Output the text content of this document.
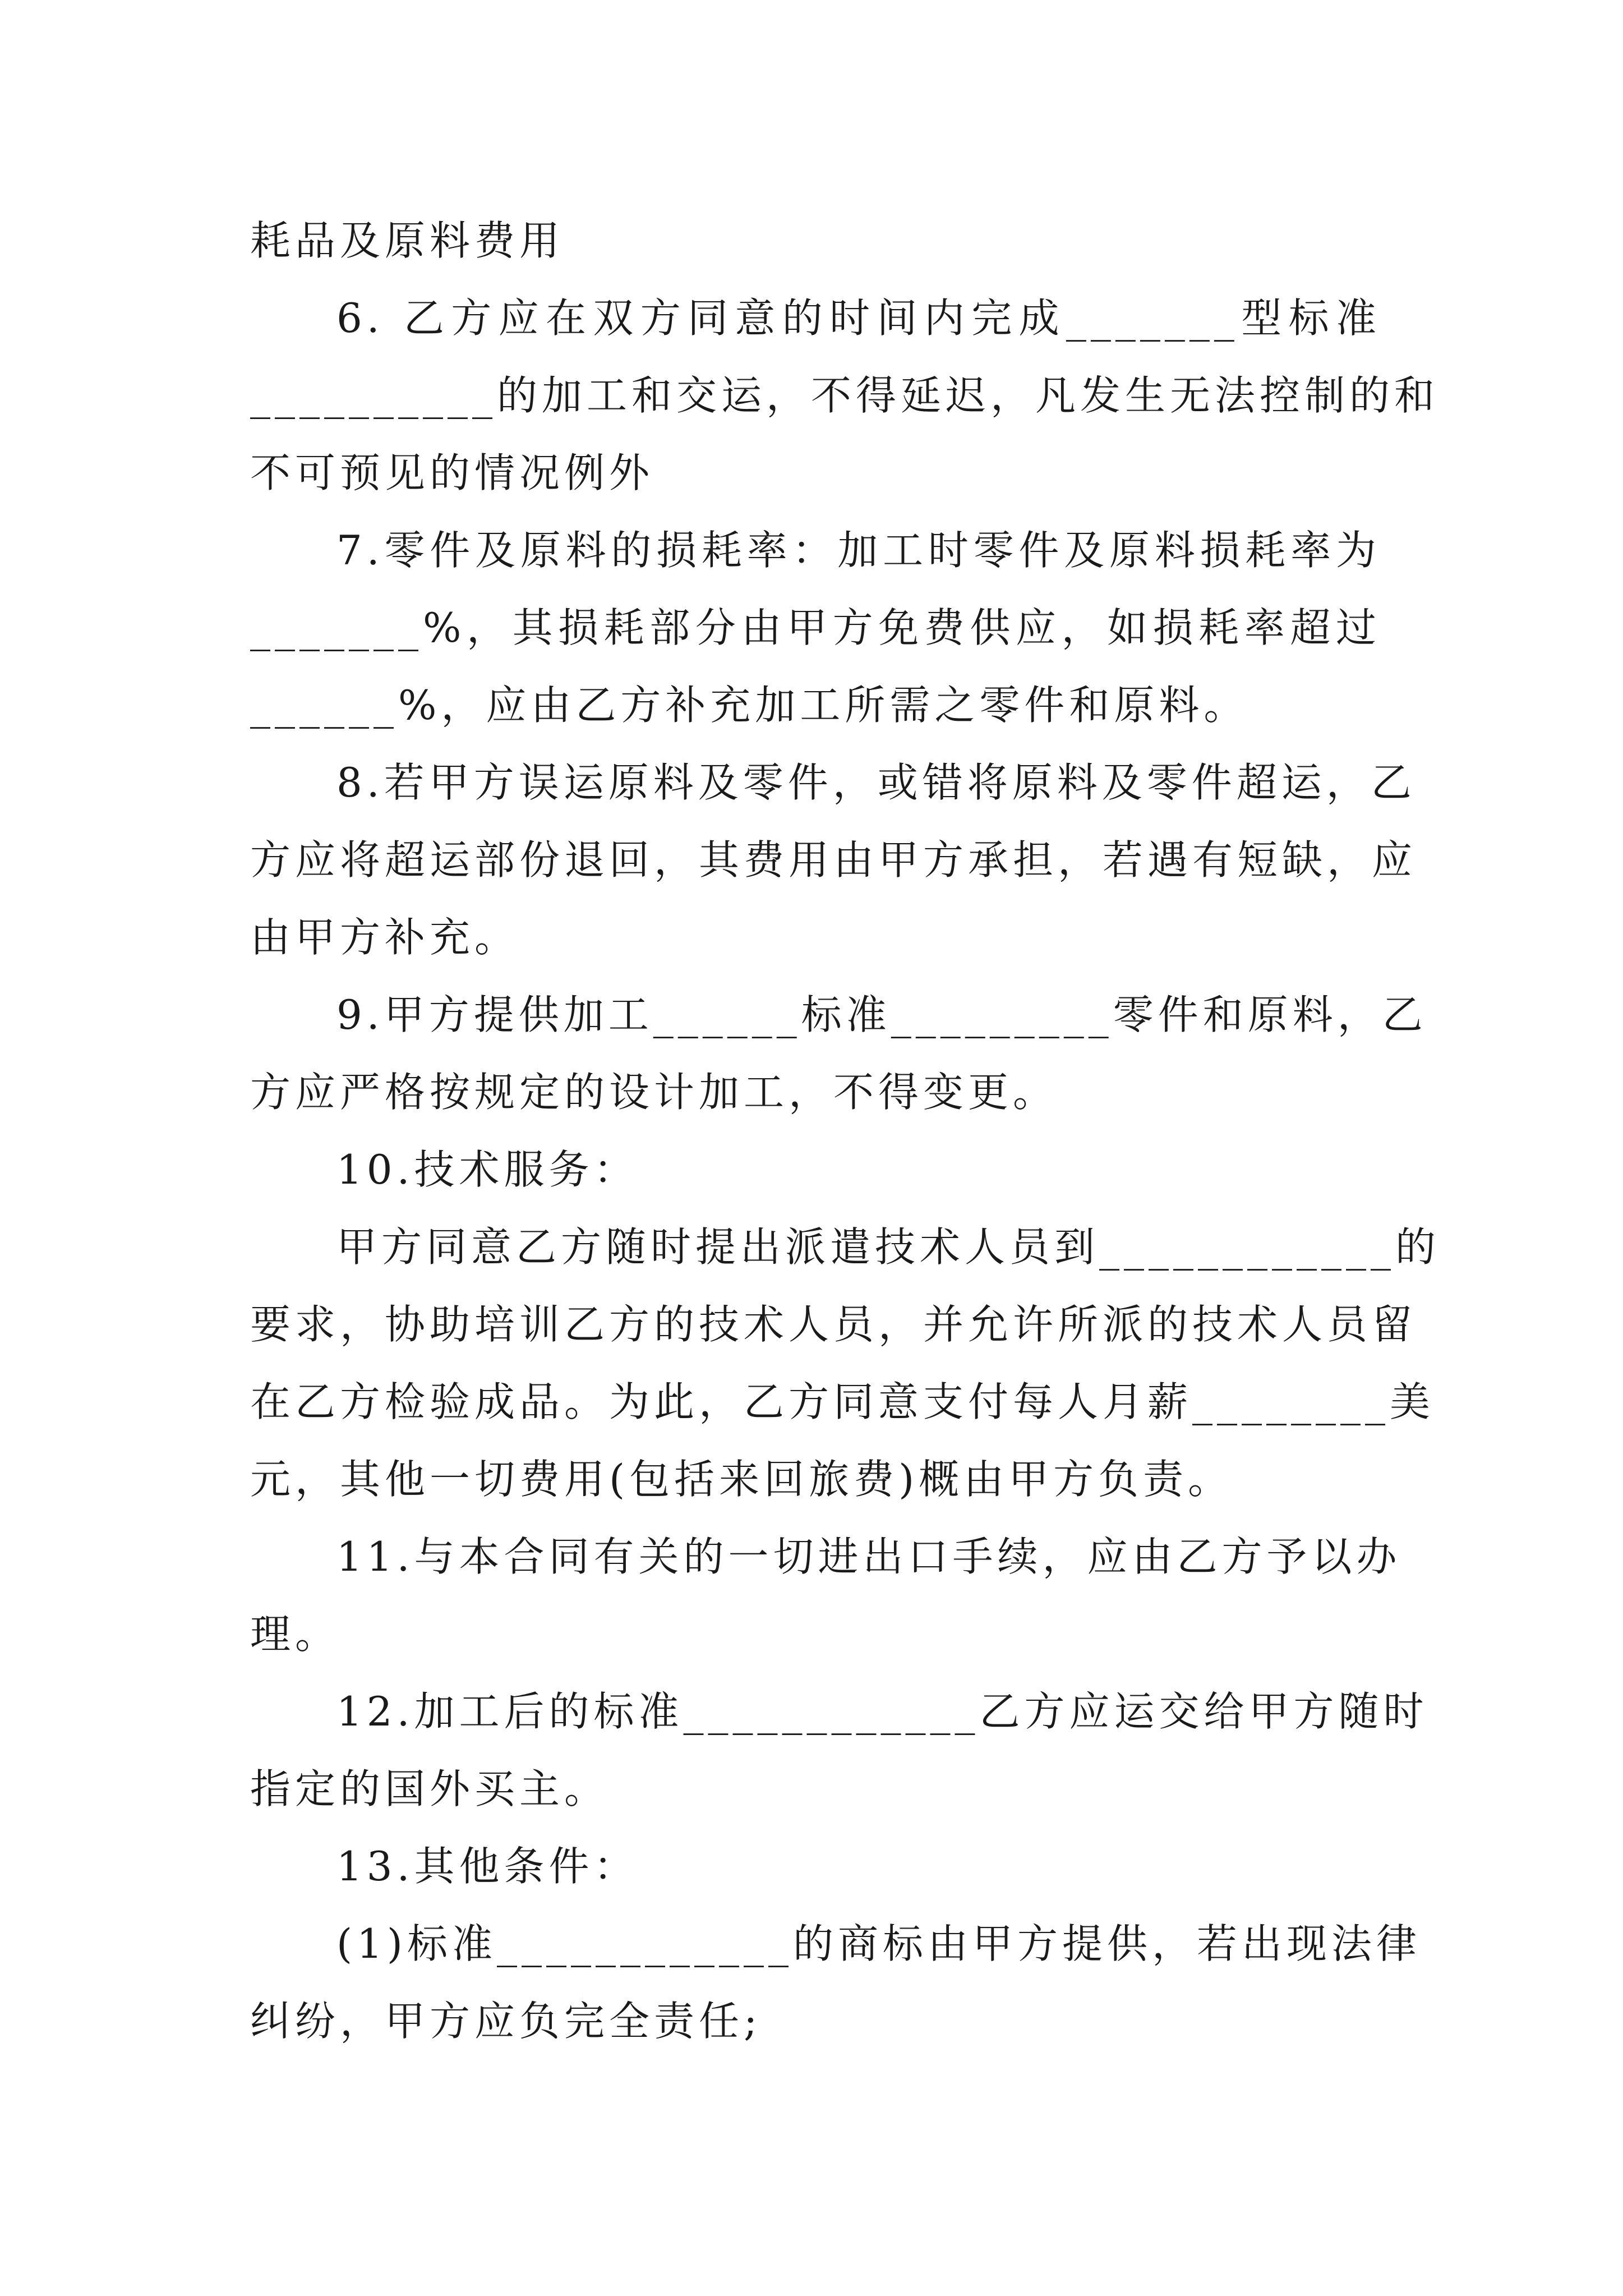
耗品及原料费用
6. 乙方应在双方同意的时间内完成_______型标准
__________的加工和交运，不得延迟，凡发生无法控制的和
不可预见的情况例外
7.零件及原料的损耗率：加工时零件及原料损耗率为
_______%，其损耗部分由甲方免费供应，如损耗率超过
______%，应由乙方补充加工所需之零件和原料。
8.若甲方误运原料及零件，或错将原料及零件超运，乙
方应将超运部份退回，其费用由甲方承担，若遇有短缺，应
由甲方补充。
9.甲方提供加工______标准_________零件和原料，乙
方应严格按规定的设计加工，不得变更。
10.技术服务：
甲方同意乙方随时提出派遣技术人员到____________的
要求，协助培训乙方的技术人员，并允许所派的技术人员留
在乙方检验成品。为此，乙方同意支付每人月薪________美
元，其他一切费用(包括来回旅费)概由甲方负责。
11.与本合同有关的一切进出口手续，应由乙方予以办
理。
12.加工后的标准____________乙方应运交给甲方随时
指定的国外买主。
13.其他条件：
(1)标准____________的商标由甲方提供，若出现法律
纠纷，甲方应负完全责任;
